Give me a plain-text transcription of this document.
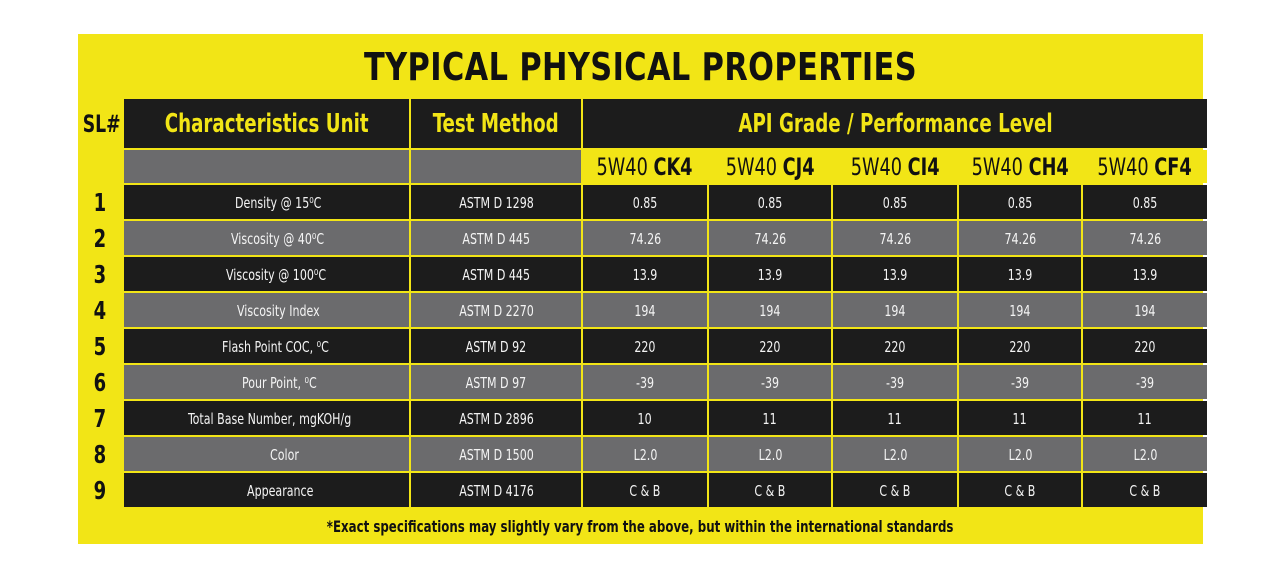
TYPICAL PHYSICAL PROPERTIES
SL#	Characteristics Unit	Test Method	API Grade / Performance Level				
			5W40 CK4	5W40 CJ4	5W40 CI4	5W40 CH4	5W40 CF4
1	Density @ 15⁰C	ASTM D 1298	0.85	0.85	0.85	0.85	0.85
2	Viscosity @ 40⁰C	ASTM D 445	74.26	74.26	74.26	74.26	74.26
3	Viscosity @ 100⁰C	ASTM D 445	13.9	13.9	13.9	13.9	13.9
4	Viscosity Index	ASTM D 2270	194	194	194	194	194
5	Flash Point COC, ⁰C	ASTM D 92	220	220	220	220	220
6	Pour Point, ⁰C	ASTM D 97	-39	-39	-39	-39	-39
7	Total Base Number, mgKOH/g	ASTM D 2896	10	11	11	11	11
8	Color	ASTM D 1500	L2.0	L2.0	L2.0	L2.0	L2.0
9	Appearance	ASTM D 4176	C & B	C & B	C & B	C & B	C & B
*Exact specifications may slightly vary from the above, but within the international standards
